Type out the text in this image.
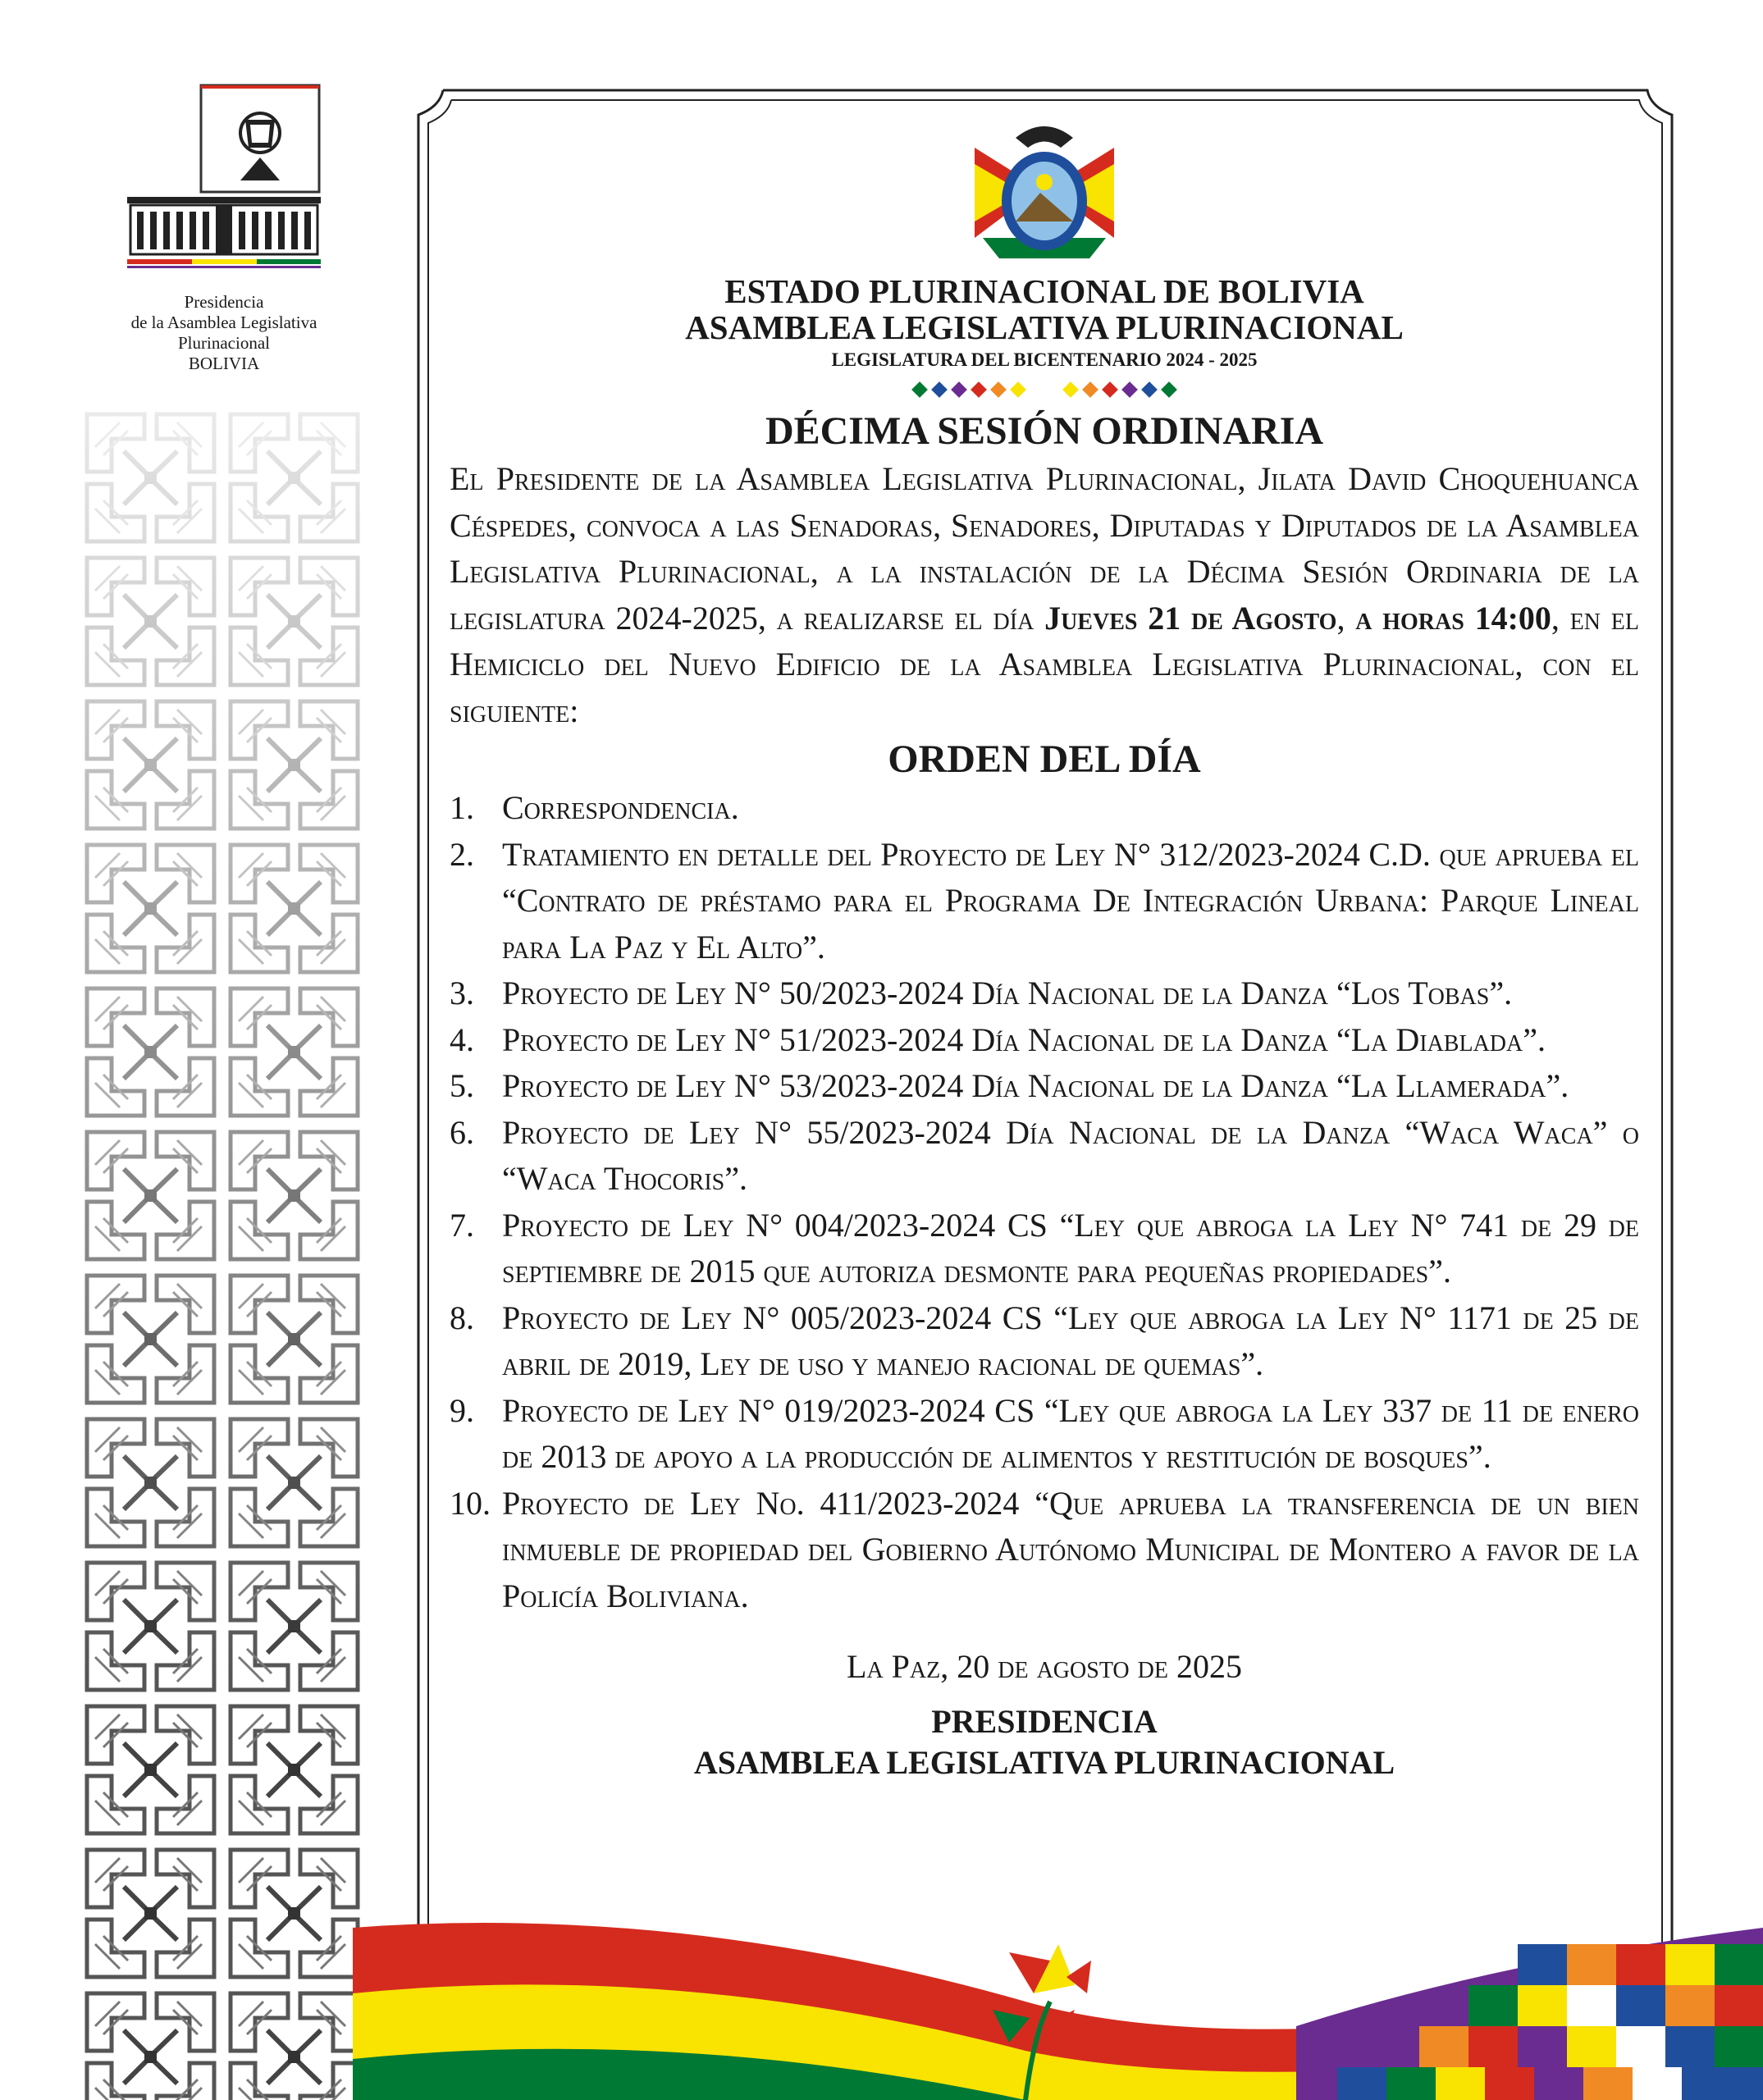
Presidencia
de la Asamblea Legislativa Plurinacional
BOLIVIA
ESTADO PLURINACIONAL DE BOLIVIA
ASAMBLEA LEGISLATIVA PLURINACIONAL
LEGISLATURA DEL BICENTENARIO 2024 - 2025
DÉCIMA SESIÓN ORDINARIA
El Presidente de la Asamblea Legislativa Plurinacional, Jilata David Choquehuanca Céspedes, convoca a las Senadoras, Senadores, Diputadas y Diputados de la Asamblea Legislativa Plurinacional, a la instalación de la Décima Sesión Ordinaria de la legislatura 2024-2025, a realizarse el día Jueves 21 de Agosto, a horas 14:00, en el Hemiciclo del Nuevo Edificio de la Asamblea Legislativa Plurinacional, con el siguiente:
ORDEN DEL DÍA
1. Correspondencia.
2. Tratamiento en detalle del Proyecto de Ley N° 312/2023-2024 C.D. que aprueba el “Contrato de préstamo para el Programa De Integración Urbana: Parque Lineal para La Paz y El Alto”.
3. Proyecto de Ley N° 50/2023-2024 Día Nacional de la Danza “Los Tobas”.
4. Proyecto de Ley N° 51/2023-2024 Día Nacional de la Danza “La Diablada”.
5. Proyecto de Ley N° 53/2023-2024 Día Nacional de la Danza “La Llamerada”.
6. Proyecto de Ley N° 55/2023-2024 Día Nacional de la Danza “Waca Waca” o “Waca Thocoris”.
7. Proyecto de Ley N° 004/2023-2024 CS “Ley que abroga la Ley N° 741 de 29 de septiembre de 2015 que autoriza desmonte para pequeñas propiedades”.
8. Proyecto de Ley N° 005/2023-2024 CS “Ley que abroga la Ley N° 1171 de 25 de abril de 2019, Ley de uso y manejo racional de quemas”.
9. Proyecto de Ley N° 019/2023-2024 CS “Ley que abroga la Ley 337 de 11 de enero de 2013 de apoyo a la producción de alimentos y restitución de bosques”.
10. Proyecto de Ley No. 411/2023-2024 “Que aprueba la transferencia de un bien inmueble de propiedad del Gobierno Autónomo Municipal de Montero a favor de la Policía Boliviana.
La Paz, 20 de agosto de 2025
PRESIDENCIA
ASAMBLEA LEGISLATIVA PLURINACIONAL
